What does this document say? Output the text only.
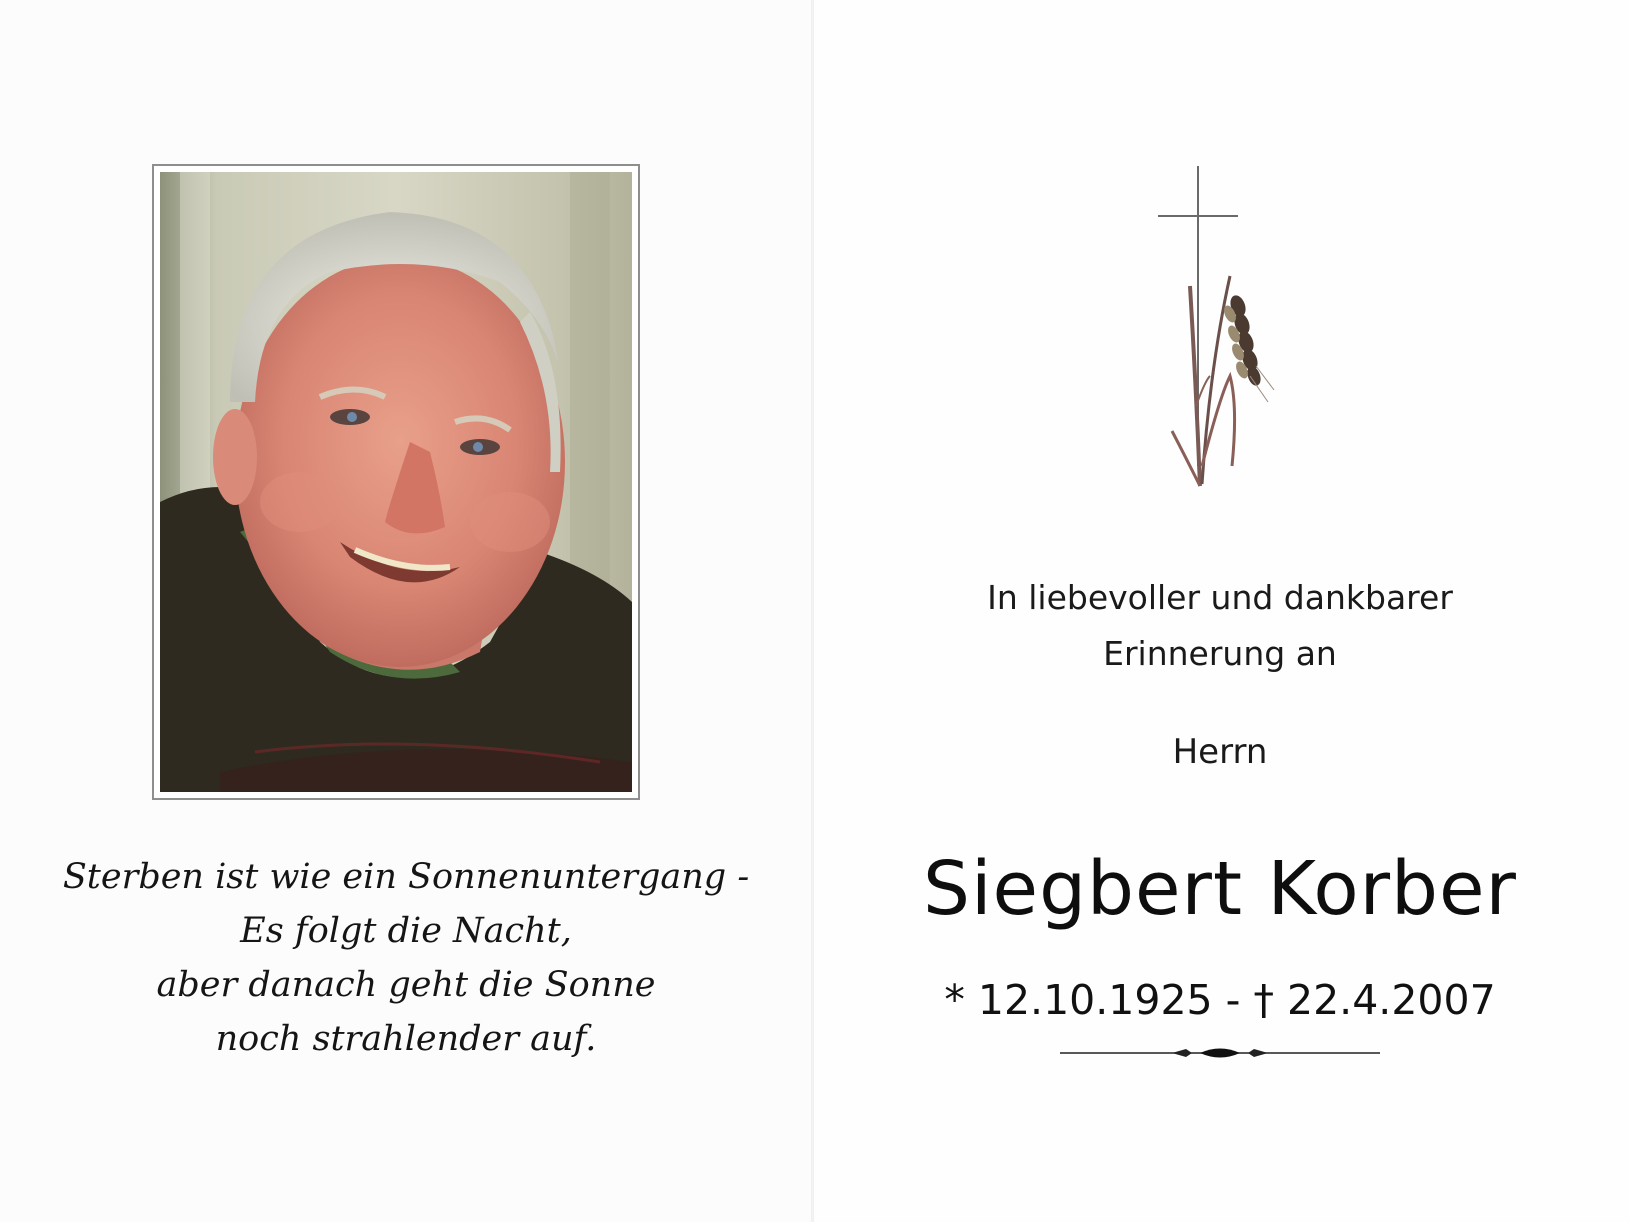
Sterben ist wie ein Sonnenuntergang -
Es folgt die Nacht,
aber danach geht die Sonne
noch strahlender auf.
In liebevoller und dankbarer
Erinnerung an
Herrn
Siegbert Korber
* 12.10.1925 - † 22.4.2007
